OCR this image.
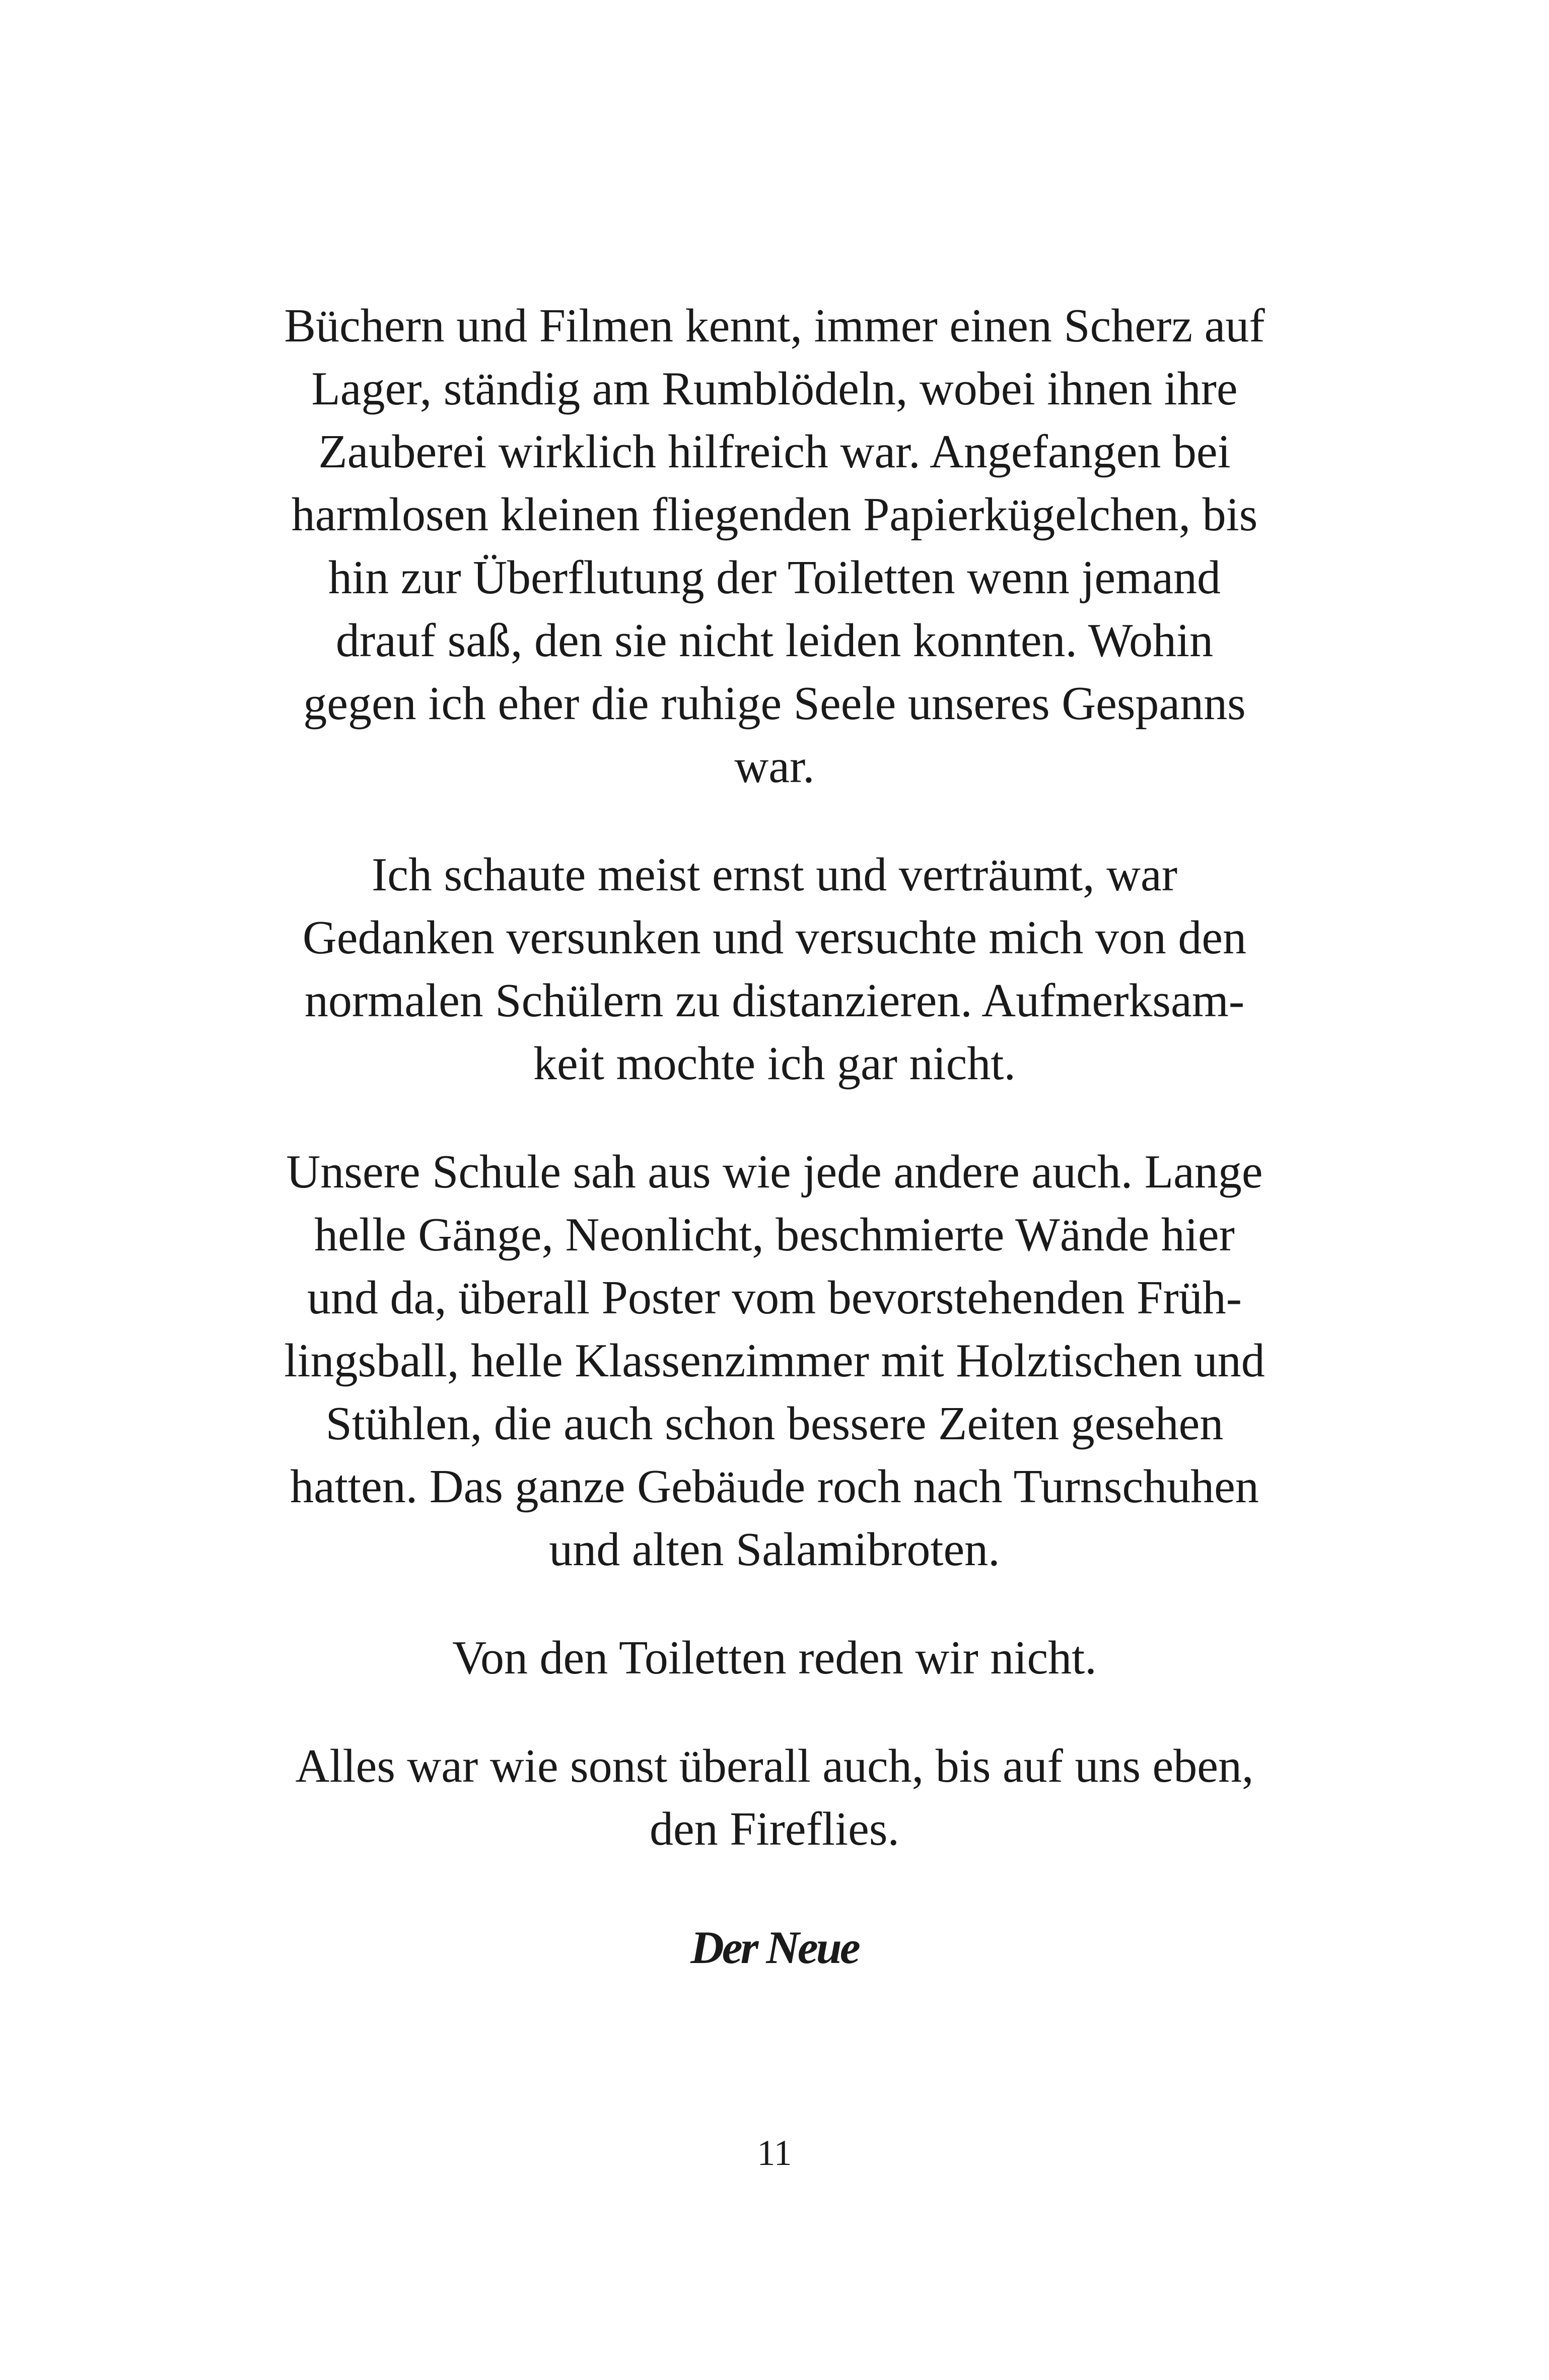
Büchern und Filmen kennt, immer einen Scherz auf
Lager, ständig am Rumblödeln, wobei ihnen ihre
Zauberei wirklich hilfreich war. Angefangen bei
harmlosen kleinen fliegenden Papierkügelchen, bis
hin zur Überflutung der Toiletten wenn jemand
drauf saß, den sie nicht leiden konnten. Wohin
gegen ich eher die ruhige Seele unseres Gespanns
war.

Ich schaute meist ernst und verträumt, war
Gedanken versunken und versuchte mich von den
normalen Schülern zu distanzieren. Aufmerksam-
keit mochte ich gar nicht.

Unsere Schule sah aus wie jede andere auch. Lange
helle Gänge, Neonlicht, beschmierte Wände hier
und da, überall Poster vom bevorstehenden Früh-
lingsball, helle Klassenzimmer mit Holztischen und
Stühlen, die auch schon bessere Zeiten gesehen
hatten. Das ganze Gebäude roch nach Turnschuhen
und alten Salamibroten.

Von den Toiletten reden wir nicht.

Alles war wie sonst überall auch, bis auf uns eben,
den Fireflies.

Der Neue
11
